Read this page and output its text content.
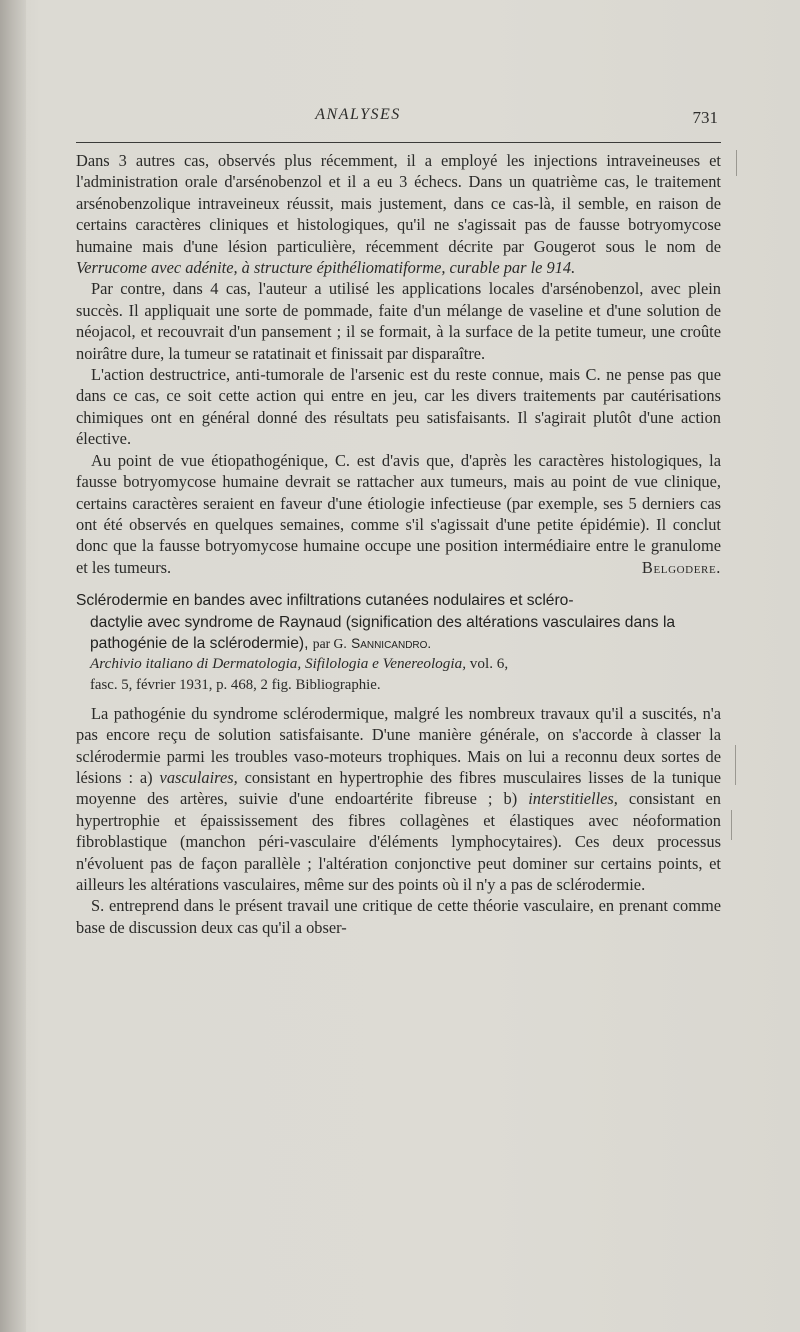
ANALYSES	731

Dans 3 autres cas, observés plus récemment, il a employé les injections intraveineuses et l'administration orale d'arsénobenzol et il a eu 3 échecs. Dans un quatrième cas, le traitement arsénobenzolique intraveineux réussit, mais justement, dans ce cas-là, il semble, en raison de certains caractères cliniques et histologiques, qu'il ne s'agissait pas de fausse botryomycose humaine mais d'une lésion particulière, récemment décrite par Gougerot sous le nom de Verrucome avec adénite, à structure épithéliomatiforme, curable par le 914.

Par contre, dans 4 cas, l'auteur a utilisé les applications locales d'arsénobenzol, avec plein succès. Il appliquait une sorte de pommade, faite d'un mélange de vaseline et d'une solution de néojacol, et recouvrait d'un pansement ; il se formait, à la surface de la petite tumeur, une croûte noirâtre dure, la tumeur se ratatinait et finissait par disparaître.

L'action destructrice, anti-tumorale de l'arsenic est du reste connue, mais C. ne pense pas que dans ce cas, ce soit cette action qui entre en jeu, car les divers traitements par cautérisations chimiques ont en général donné des résultats peu satisfaisants. Il s'agirait plutôt d'une action élective.

Au point de vue étiopathogénique, C. est d'avis que, d'après les caractères histologiques, la fausse botryomycose humaine devrait se rattacher aux tumeurs, mais au point de vue clinique, certains caractères seraient en faveur d'une étiologie infectieuse (par exemple, ses 5 derniers cas ont été observés en quelques semaines, comme s'il s'agissait d'une petite épidémie). Il conclut donc que la fausse botryomycose humaine occupe une position intermédiaire entre le granulome et les tumeurs.	Belgodere.

Sclérodermie en bandes avec infiltrations cutanées nodulaires et scléro-
dactylie avec syndrome de Raynaud (signification des altérations vasculaires dans la pathogénie de la sclérodermie), par G. Sannicandro.

Archivio italiano di Dermatologia, Sifilologia e Venereologia, vol. 6,

fasc. 5, février 1931, p. 468, 2 fig. Bibliographie.

La pathogénie du syndrome sclérodermique, malgré les nombreux travaux qu'il a suscités, n'a pas encore reçu de solution satisfaisante. D'une manière générale, on s'accorde à classer la sclérodermie parmi les troubles vaso-moteurs trophiques. Mais on lui a reconnu deux sortes de lésions : a) vasculaires, consistant en hypertrophie des fibres musculaires lisses de la tunique moyenne des artères, suivie d'une endoartérite fibreuse ; b) interstitielles, consistant en hypertrophie et épaississement des fibres collagènes et élastiques avec néoformation fibroblastique (manchon péri-vasculaire d'éléments lymphocytaires). Ces deux processus n'évoluent pas de façon parallèle ; l'altération conjonctive peut dominer sur certains points, et ailleurs les altérations vasculaires, même sur des points où il n'y a pas de sclérodermie.

S. entreprend dans le présent travail une critique de cette théorie vasculaire, en prenant comme base de discussion deux cas qu'il a obser-
